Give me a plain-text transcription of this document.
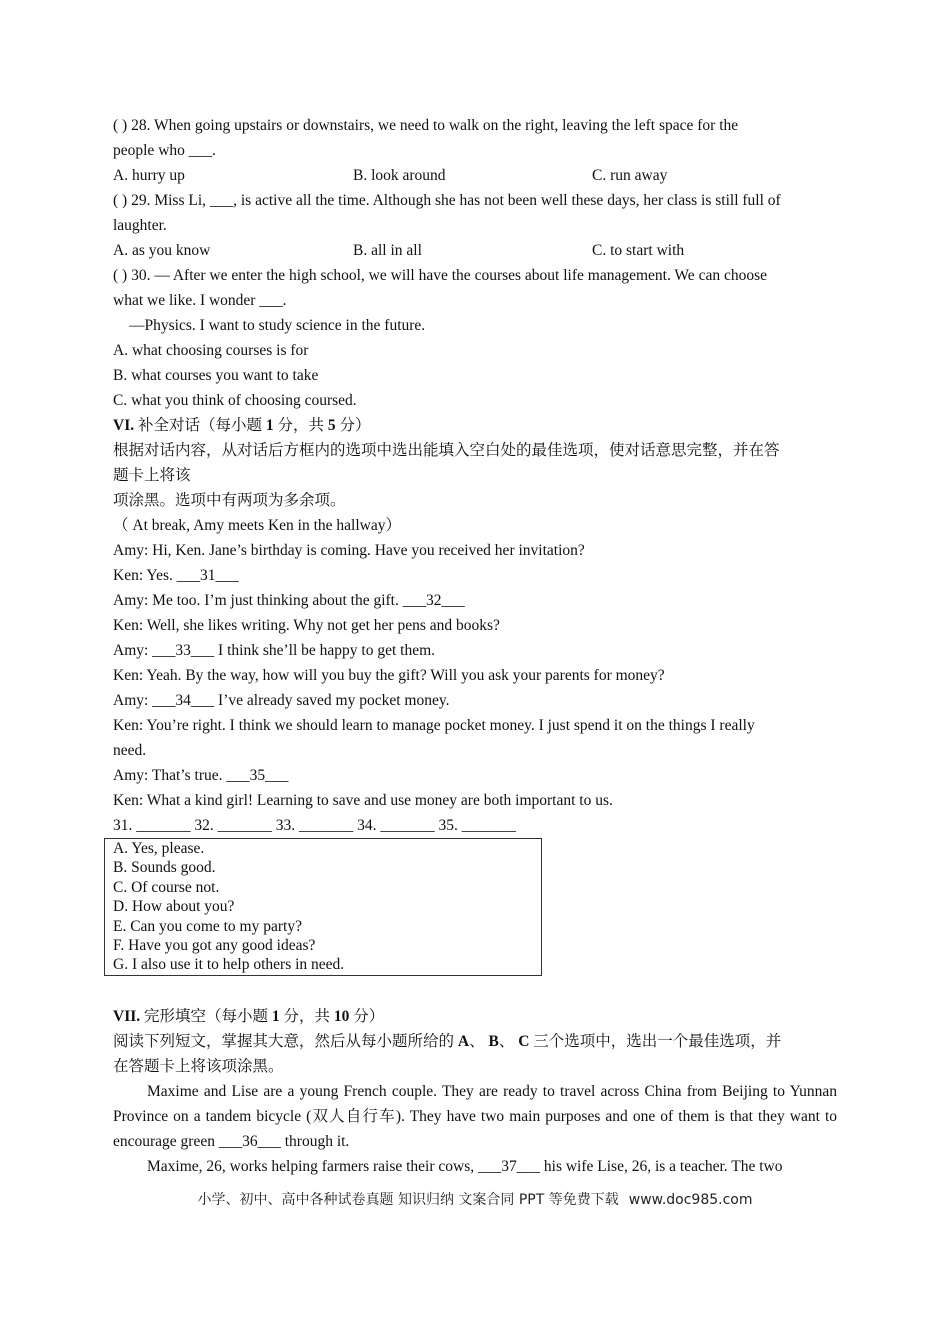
( ) 28. When going upstairs or downstairs, we need to walk on the right, leaving the left space for the
people who ___.
A. hurry up	B. look around	C. run away
( ) 29. Miss Li, ___, is active all the time. Although she has not been well these days, her class is still full of
laughter.
A. as you know	B. all in all	C. to start with
( ) 30. — After we enter the high school, we will have the courses about life management. We can choose
what we like. I wonder ___.
—Physics. I want to study science in the future.
A. what choosing courses is for
B. what courses you want to take
C. what you think of choosing coursed.
VI. 补全对话（每小题 1 分，共 5 分）
根据对话内容，从对话后方框内的选项中选出能填入空白处的最佳选项，使对话意思完整，并在答
题卡上将该
项涂黑。选项中有两项为多余项。
（ At break, Amy meets Ken in the hallway）
Amy: Hi, Ken. Jane’s birthday is coming. Have you received her invitation?
Ken: Yes. ___31___
Amy: Me too. I’m just thinking about the gift. ___32___
Ken: Well, she likes writing. Why not get her pens and books?
Amy: ___33___ I think she’ll be happy to get them.
Ken: Yeah. By the way, how will you buy the gift? Will you ask your parents for money?
Amy: ___34___ I’ve already saved my pocket money.
Ken: You’re right. I think we should learn to manage pocket money. I just spend it on the things I really
need.
Amy: That’s true. ___35___
Ken: What a kind girl! Learning to save and use money are both important to us.
31. _______ 32. _______ 33. _______ 34. _______ 35. _______
A. Yes, please.
B. Sounds good.
C. Of course not.
D. How about you?
E. Can you come to my party?
F. Have you got any good ideas?
G. I also use it to help others in need.
VII. 完形填空（每小题 1 分，共 10 分）
阅读下列短文，掌握其大意，然后从每小题所给的 A、 B、 C 三个选项中，选出一个最佳选项，并
在答题卡上将该项涂黑。
Maxime and Lise are a young French couple. They are ready to travel across China from Beijing to Yunnan Province on a tandem bicycle (双人自行车). They have two main purposes and one of them is that they want to encourage green ___36___ through it.
Maxime, 26, works helping farmers raise their cows, ___37___ his wife Lise, 26, is a teacher. The two
小学、初中、高中各种试卷真题 知识归纳 文案合同 PPT 等免费下载 www.doc985.com
